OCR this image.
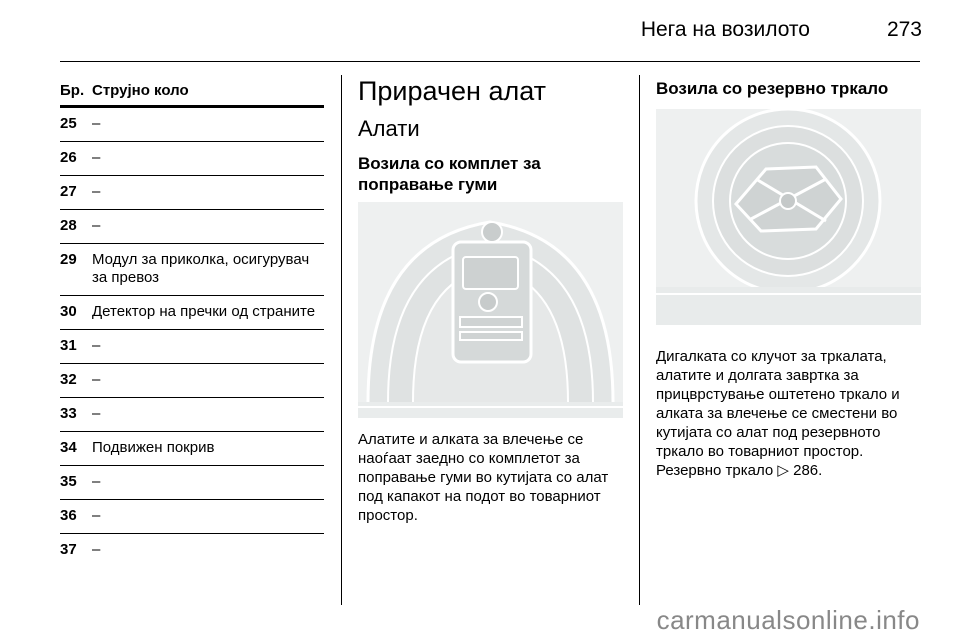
Нега на возилото	273
Бр. Струјно коло
25	–
26	–
27	–
28	–
29	Модул за приколка, осигурувач за превоз
30	Детектор на пречки од страните
31	–
32	–
33	–
34	Подвижен покрив
35	–
36	–
37	–
Прирачен алат
Алати
Возила со комплет за поправање гуми
Алатите и алката за влечење се наоѓаат заедно со комплетот за поправање гуми во кутијата со алат под капакот на подот во товарниот простор.
Возила со резервно тркало
Дигалката со клучот за тркалата, алатите и долгата завртка за прицврстување оштетено тркало и алката за влечење се сместени во кутијата со алат под резервното тркало во товарниот простор. Резервно тркало ▷ 286.
carmanualsonline.info
